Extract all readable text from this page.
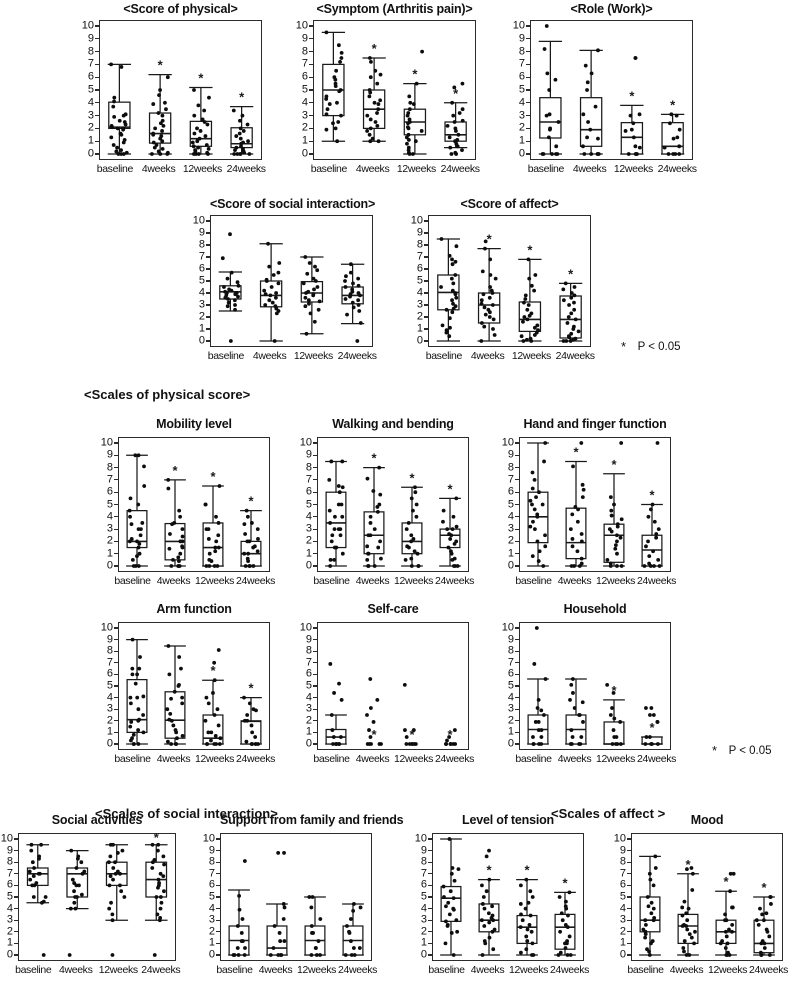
<Score of physical>
0
1
2
3
4
5
6
7
8
9
10
baseline 4weeks 12weeks 24weeks
*
*
*
<Symptom (Arthritis pain)>
0
1
2
3
4
5
6
7
8
9
10
baseline 4weeks 12weeks 24weeks
*
*
*
<Role (Work)>
0
1
2
3
4
5
6
7
8
9
10
baseline 4weeks 12weeks 24weeks
*
*
<Score of social interaction>
0
1
2
3
4
5
6
7
8
9
10
baseline 4weeks 12weeks 24weeks
<Score of affect>
0
1
2
3
4
5
6
7
8
9
10
baseline 4weeks 12weeks 24weeks
*
*
*
Mobility level
0
1
2
3
4
5
6
7
8
9
10
baseline 4weeks 12weeks 24weeks
*	*
*
Walking and bending
0
1
2
3
4
5
6
7
8
9
10
baseline 4weeks 12weeks 24weeks
*
*
*
Hand and finger function
0
1
2
3
4
5
6
7
8
9
10
baseline 4weeks 12weeks 24weeks
*
*
*
Arm function
0
1
2
3
4
5
6
7
8
9
10
baseline 4weeks 12weeks 24weeks
*
*
Self-care
0
1
2
3
4
5
6
7
8
9
10
baseline 4weeks 12weeks 24weeks
*	*	*
Household
0
1
2
3
4
5
6
7
8
9
10
baseline 4weeks 12weeks 24weeks
*
*
Social activities
0
1
2
3
4
5
6
7
8
9
10
baseline 4weeks 12weeks 24weeks
*
Support from family and friends
0
1
2
3
4
5
6
7
8
9
10
baseline 4weeks 12weeks 24weeks
Level of tension
0
1
2
3
4
5
6
7
8
9
10
baseline 4weeks 12weeks 24weeks
*	*
*
Mood
0
1
2
3
4
5
6
7
8
9
10
baseline 4weeks 12weeks 24weeks
*
*	*
<Scales of physical score>
<Scales of social interaction>	<Scales of affect >
*   P < 0.05
*   P < 0.05
